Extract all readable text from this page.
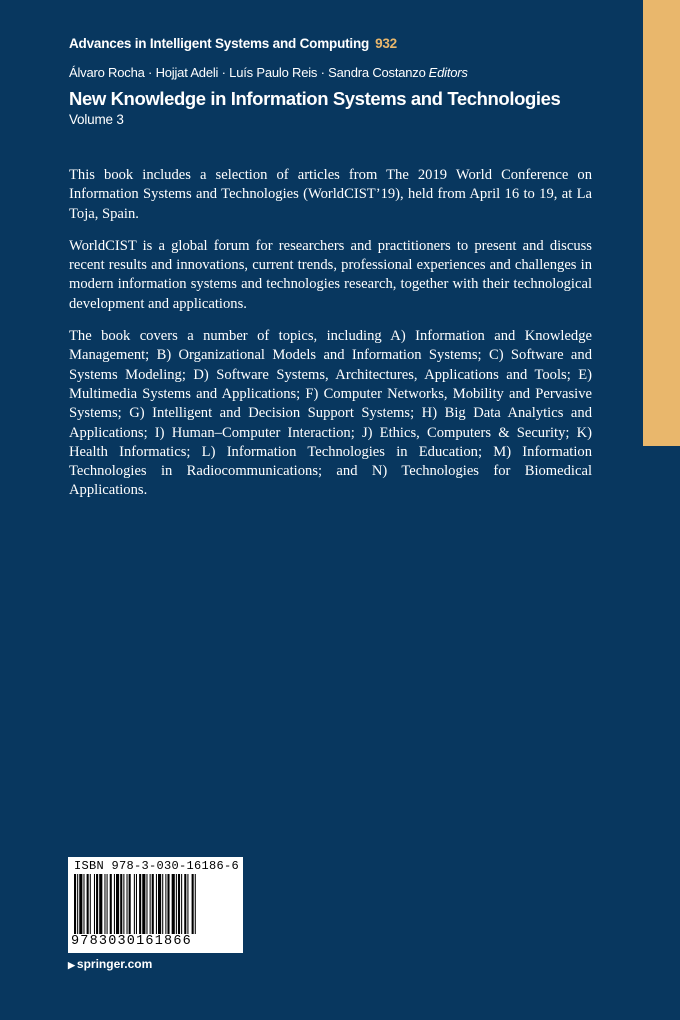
Advances in Intelligent Systems and Computing 932
Álvaro Rocha · Hojjat Adeli · Luís Paulo Reis · Sandra Costanzo Editors
New Knowledge in Information Systems and Technologies
Volume 3

This book includes a selection of articles from The 2019 World Conference on Information Systems and Technologies (WorldCIST’19), held from April 16 to 19, at La Toja, Spain.

WorldCIST is a global forum for researchers and practitioners to present and discuss recent results and innovations, current trends, professional experiences and challenges in modern information systems and technologies research, together with their technological development and applications.

The book covers a number of topics, including A) Information and Knowledge Management; B) Organizational Models and Information Systems; C) Software and Systems Modeling; D) Software Systems, Architectures, Applications and Tools; E) Multimedia Systems and Applications; F) Computer Networks, Mobility and Pervasive Systems; G) Intelligent and Decision Support Systems; H) Big Data Analytics and Applications; I) Human–Computer Interaction; J) Ethics, Computers & Security; K) Health Informatics; L) Information Technologies in Education; M) Information Technologies in Radiocommunications; and N) Technologies for Biomedical Applications.

ISBN 978-3-030-16186-6
9783030161866
▶ springer.com
